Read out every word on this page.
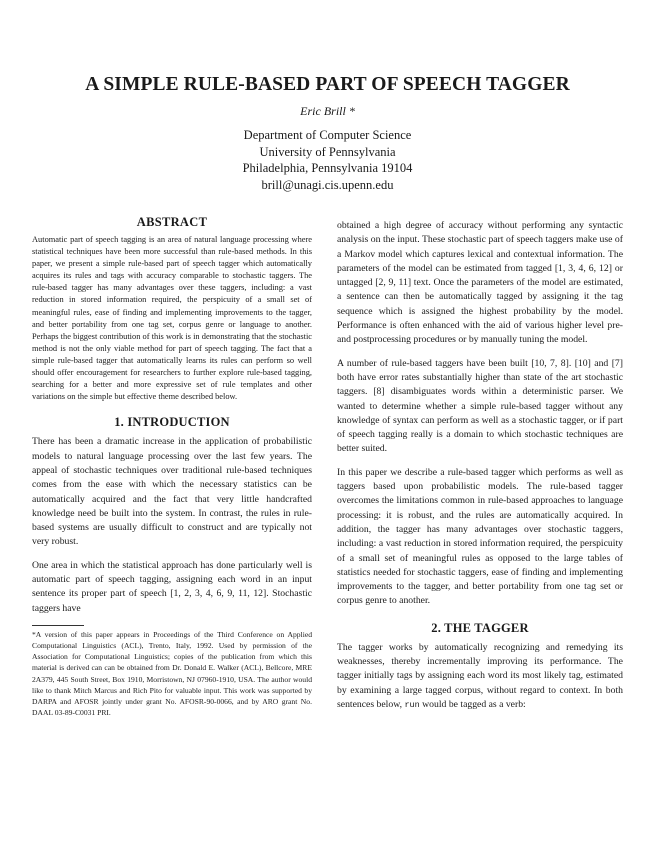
A SIMPLE RULE-BASED PART OF SPEECH TAGGER
Eric Brill *
Department of Computer Science
University of Pennsylvania
Philadelphia, Pennsylvania 19104
brill@unagi.cis.upenn.edu
ABSTRACT

Automatic part of speech tagging is an area of natural language processing where statistical techniques have been more successful than rule-based methods. In this paper, we present a simple rule-based part of speech tagger which automatically acquires its rules and tags with accuracy comparable to stochastic taggers. The rule-based tagger has many advantages over these taggers, including: a vast reduction in stored information required, the perspicuity of a small set of meaningful rules, ease of finding and implementing improvements to the tagger, and better portability from one tag set, corpus genre or language to another. Perhaps the biggest contribution of this work is in demonstrating that the stochastic method is not the only viable method for part of speech tagging. The fact that a simple rule-based tagger that automatically learns its rules can perform so well should offer encouragement for researchers to further explore rule-based tagging, searching for a better and more expressive set of rule templates and other variations on the simple but effective theme described below.

1. INTRODUCTION

There has been a dramatic increase in the application of probabilistic models to natural language processing over the last few years. The appeal of stochastic techniques over traditional rule-based techniques comes from the ease with which the necessary statistics can be automatically acquired and the fact that very little handcrafted knowledge need be built into the system. In contrast, the rules in rule-based systems are usually difficult to construct and are typically not very robust.

One area in which the statistical approach has done particularly well is automatic part of speech tagging, assigning each word in an input sentence its proper part of speech [1, 2, 3, 4, 6, 9, 11, 12]. Stochastic taggers have

*A version of this paper appears in Proceedings of the Third Conference on Applied Computational Linguistics (ACL), Trento, Italy, 1992. Used by permission of the Association for Computational Linguistics; copies of the publication from which this material is derived can can be obtained from Dr. Donald E. Walker (ACL), Bellcore, MRE 2A379, 445 South Street, Box 1910, Morristown, NJ 07960-1910, USA. The author would like to thank Mitch Marcus and Rich Pito for valuable input. This work was supported by DARPA and AFOSR jointly under grant No. AFOSR-90-0066, and by ARO grant No. DAAL 03-89-C0031 PRI.

obtained a high degree of accuracy without performing any syntactic analysis on the input. These stochastic part of speech taggers make use of a Markov model which captures lexical and contextual information. The parameters of the model can be estimated from tagged [1, 3, 4, 6, 12] or untagged [2, 9, 11] text. Once the parameters of the model are estimated, a sentence can then be automatically tagged by assigning it the tag sequence which is assigned the highest probability by the model. Performance is often enhanced with the aid of various higher level pre- and postprocessing procedures or by manually tuning the model.

A number of rule-based taggers have been built [10, 7, 8]. [10] and [7] both have error rates substantially higher than state of the art stochastic taggers. [8] disambiguates words within a deterministic parser. We wanted to determine whether a simple rule-based tagger without any knowledge of syntax can perform as well as a stochastic tagger, or if part of speech tagging really is a domain to which stochastic techniques are better suited.

In this paper we describe a rule-based tagger which performs as well as taggers based upon probabilistic models. The rule-based tagger overcomes the limitations common in rule-based approaches to language processing: it is robust, and the rules are automatically acquired. In addition, the tagger has many advantages over stochastic taggers, including: a vast reduction in stored information required, the perspicuity of a small set of meaningful rules as opposed to the large tables of statistics needed for stochastic taggers, ease of finding and implementing improvements to the tagger, and better portability from one tag set or corpus genre to another.

2. THE TAGGER

The tagger works by automatically recognizing and remedying its weaknesses, thereby incrementally improving its performance. The tagger initially tags by assigning each word its most likely tag, estimated by examining a large tagged corpus, without regard to context. In both sentences below, run would be tagged as a verb:
